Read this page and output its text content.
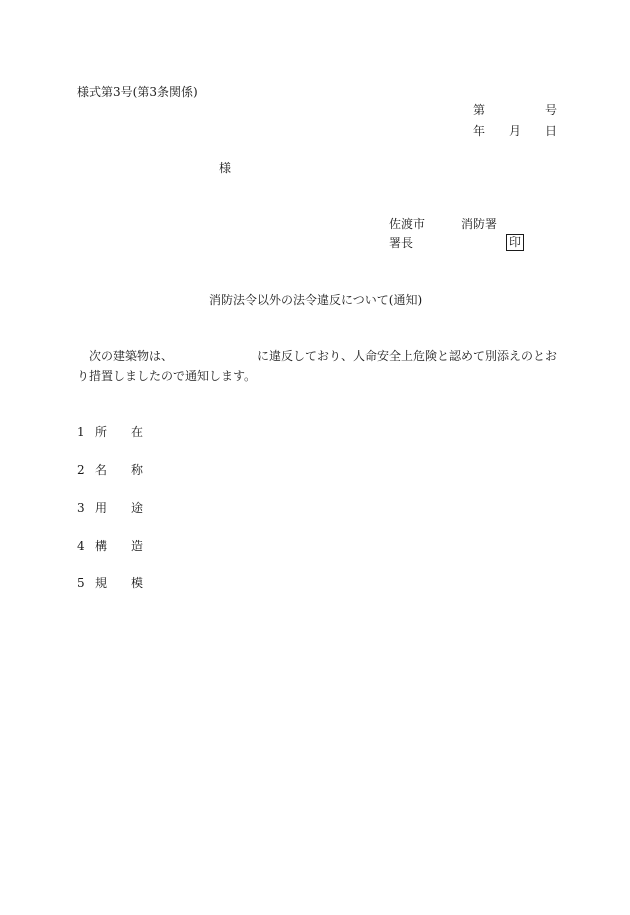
様式第3号(第3条関係)
第	号
年 月 日
様
佐渡市	消防署
署長	印
消防法令以外の法令違反について(通知)
次の建築物は、	に違反しており、人命安全上危険と認めて別添えのとお
り措置しましたので通知します。
1 所 在
2 名 称
3 用 途
4 構 造
5 規 模
